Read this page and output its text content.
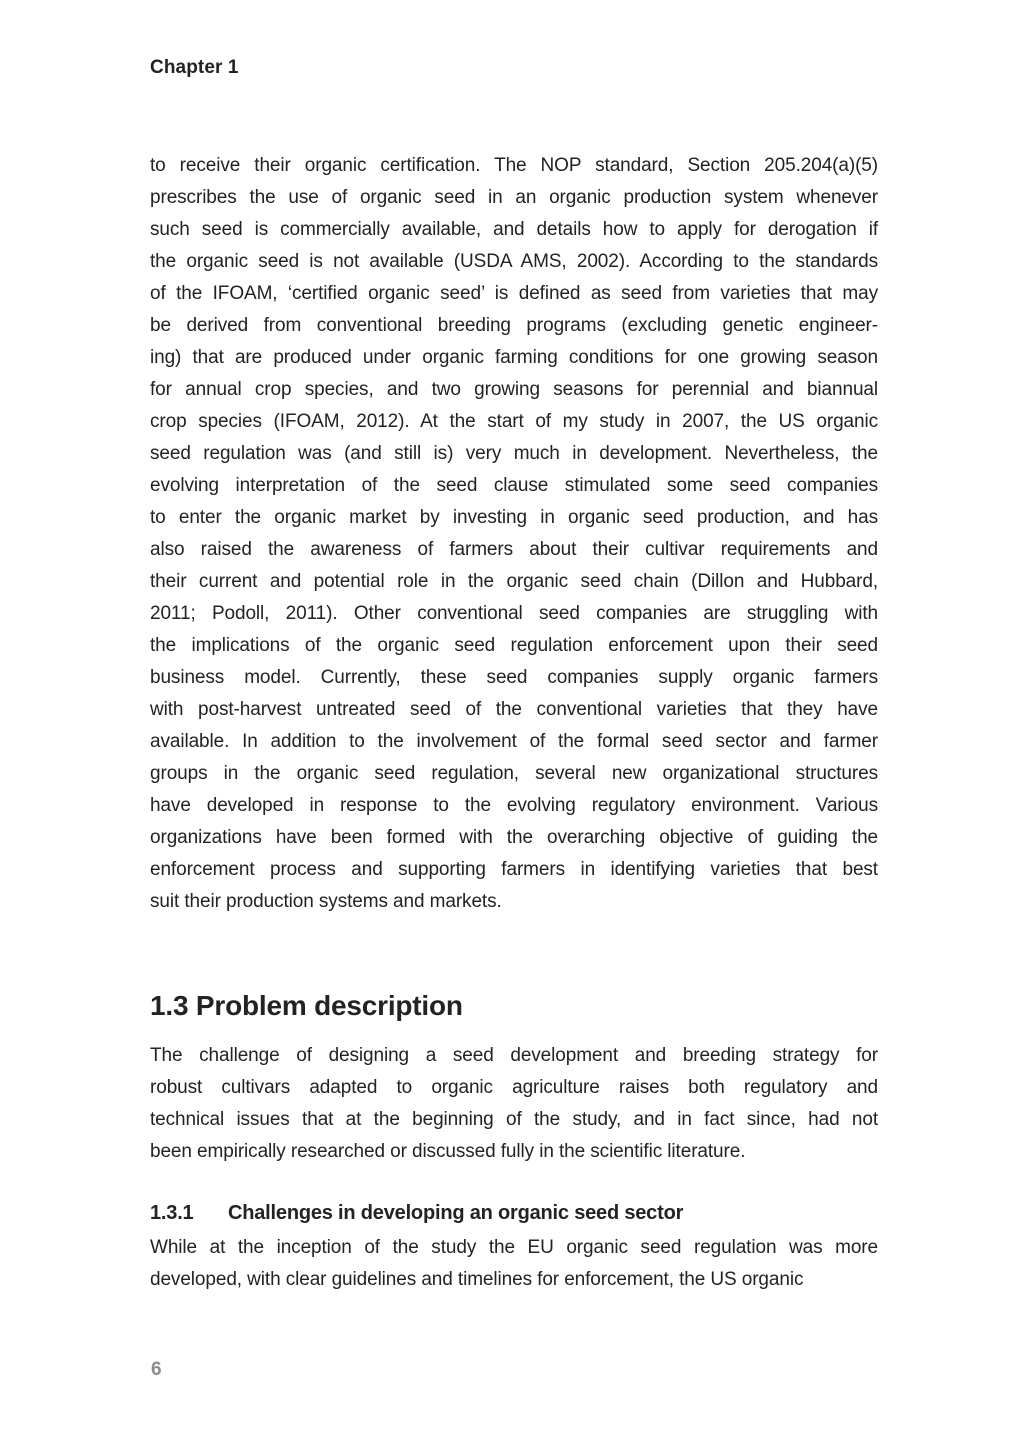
Chapter 1
to receive their organic certification. The NOP standard, Section 205.204(a)(5)
prescribes the use of organic seed in an organic production system whenever
such seed is commercially available, and details how to apply for derogation if
the organic seed is not available (USDA AMS, 2002). According to the standards
of the IFOAM, ‘certified organic seed’ is defined as seed from varieties that may
be derived from conventional breeding programs (excluding genetic engineer-
ing) that are produced under organic farming conditions for one growing season
for annual crop species, and two growing seasons for perennial and biannual
crop species (IFOAM, 2012). At the start of my study in 2007, the US organic
seed regulation was (and still is) very much in development. Nevertheless, the
evolving interpretation of the seed clause stimulated some seed companies
to enter the organic market by investing in organic seed production, and has
also raised the awareness of farmers about their cultivar requirements and
their current and potential role in the organic seed chain (Dillon and Hubbard,
2011; Podoll, 2011). Other conventional seed companies are struggling with
the implications of the organic seed regulation enforcement upon their seed
business model. Currently, these seed companies supply organic farmers
with post-harvest untreated seed of the conventional varieties that they have
available. In addition to the involvement of the formal seed sector and farmer
groups in the organic seed regulation, several new organizational structures
have developed in response to the evolving regulatory environment. Various
organizations have been formed with the overarching objective of guiding the
enforcement process and supporting farmers in identifying varieties that best
suit their production systems and markets.
1.3 Problem description
The challenge of designing a seed development and breeding strategy for
robust cultivars adapted to organic agriculture raises both regulatory and
technical issues that at the beginning of the study, and in fact since, had not
been empirically researched or discussed fully in the scientific literature.
1.3.1	Challenges in developing an organic seed sector
While at the inception of the study the EU organic seed regulation was more
developed, with clear guidelines and timelines for enforcement, the US organic
6
